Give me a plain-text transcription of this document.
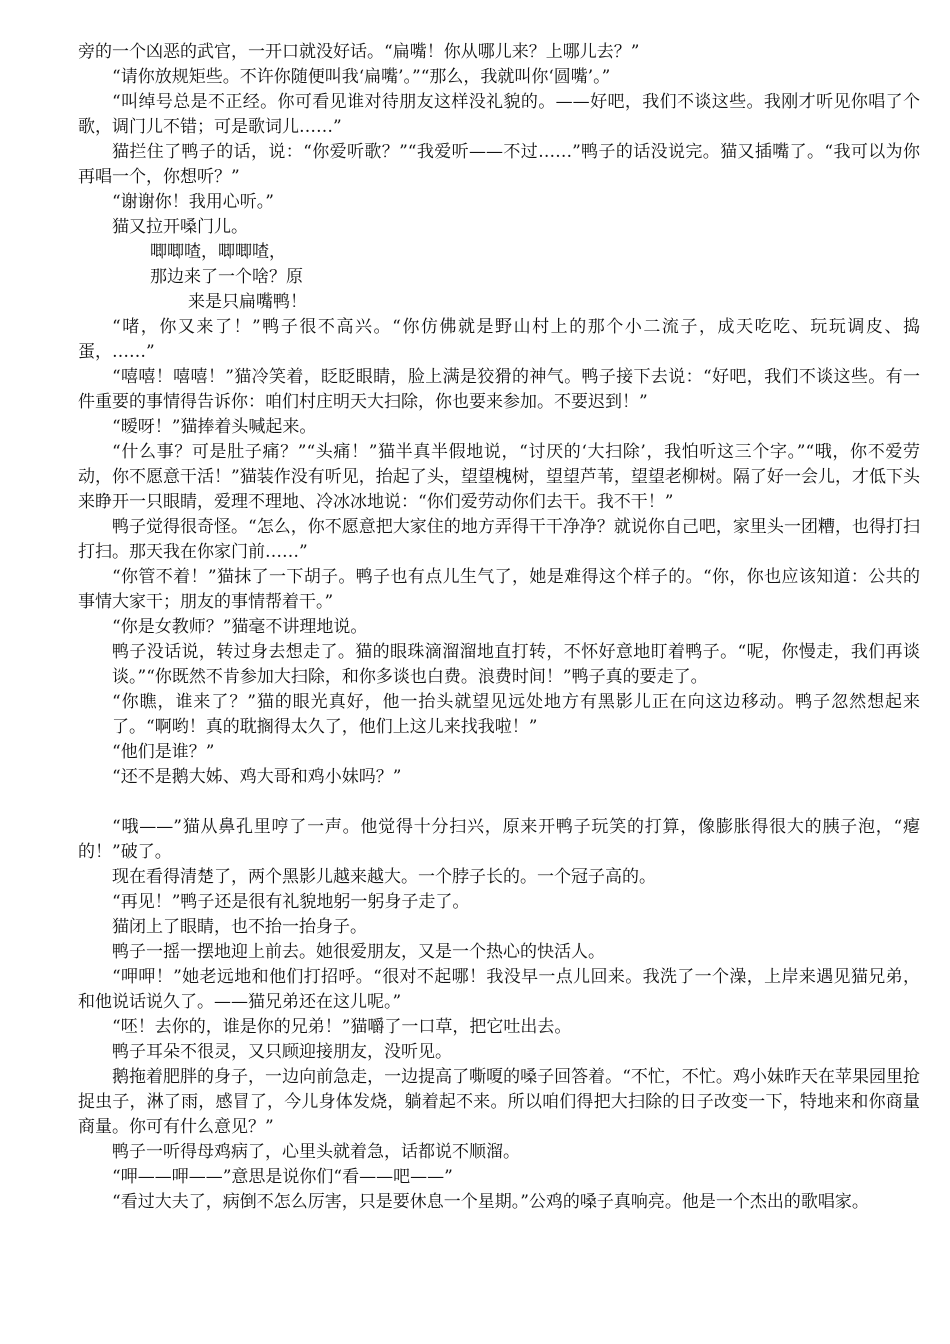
旁的一个凶恶的武官，一开口就没好话。“扁嘴！你从哪儿来？上哪儿去？”

“请你放规矩些。不许你随便叫我‘扁嘴’。”“那么，我就叫你‘圆嘴’。”

“叫绰号总是不正经。你可看见谁对待朋友这样没礼貌的。——好吧，我们不谈这些。我刚才听见你唱了个歌，调门儿不错；可是歌词儿……”

猫拦住了鸭子的话，说：“你爱听歌？”“我爱听——不过……”鸭子的话没说完。猫又插嘴了。“我可以为你再唱一个，你想听？”

“谢谢你！我用心听。”

猫又拉开嗓门儿。

唧唧喳，唧唧喳，

那边来了一个啥？原

来是只扁嘴鸭！

“啫，你又来了！”鸭子很不高兴。“你仿佛就是野山村上的那个小二流子，成天吃吃、玩玩调皮、捣蛋，……”

“嘻嘻！嘻嘻！”猫冷笑着，眨眨眼睛，脸上满是狡猾的神气。鸭子接下去说：“好吧，我们不谈这些。有一件重要的事情得告诉你：咱们村庄明天大扫除，你也要来参加。不要迟到！”

“暧呀！”猫捧着头喊起来。

“什么事？可是肚子痛？”“头痛！”猫半真半假地说，“讨厌的‘大扫除’，我怕听这三个字。”“哦，你不爱劳动，你不愿意干活！”猫装作没有听见，抬起了头，望望槐树，望望芦苇，望望老柳树。隔了好一会儿，才低下头来睁开一只眼睛，爱理不理地、冷冰冰地说：“你们爱劳动你们去干。我不干！”

鸭子觉得很奇怪。“怎么，你不愿意把大家住的地方弄得干干净净？就说你自己吧，家里头一团糟，也得打扫打扫。那天我在你家门前……”

“你管不着！”猫抹了一下胡子。鸭子也有点儿生气了，她是难得这个样子的。“你，你也应该知道：公共的事情大家干；朋友的事情帮着干。”

“你是女教师？”猫毫不讲理地说。

鸭子没话说，转过身去想走了。猫的眼珠滴溜溜地直打转，不怀好意地盯着鸭子。“呢，你慢走，我们再谈谈。”“你既然不肯参加大扫除，和你多谈也白费。浪费时间！”鸭子真的要走了。

“你瞧，谁来了？”猫的眼光真好，他一抬头就望见远处地方有黑影儿正在向这边移动。鸭子忽然想起来了。“啊哟！真的耽搁得太久了，他们上这儿来找我啦！”

“他们是谁？”

“还不是鹅大姊、鸡大哥和鸡小妹吗？”

“哦——”猫从鼻孔里哼了一声。他觉得十分扫兴，原来开鸭子玩笑的打算，像膨胀得很大的胰子泡，“瘪的！”破了。

现在看得清楚了，两个黑影儿越来越大。一个脖子长的。一个冠子高的。

“再见！”鸭子还是很有礼貌地躬一躬身子走了。

猫闭上了眼睛，也不抬一抬身子。

鸭子一摇一摆地迎上前去。她很爱朋友，又是一个热心的快活人。

“呷呷！”她老远地和他们打招呼。“很对不起哪！我没早一点儿回来。我洗了一个澡，上岸来遇见猫兄弟，和他说话说久了。——猫兄弟还在这儿呢。”

“呸！去你的，谁是你的兄弟！”猫嚼了一口草，把它吐出去。

鸭子耳朵不很灵，又只顾迎接朋友，没听见。

鹅拖着肥胖的身子，一边向前急走，一边提高了嘶嗄的嗓子回答着。“不忙，不忙。鸡小妹昨天在苹果园里抢捉虫子，淋了雨，感冒了，今儿身体发烧，躺着起不来。所以咱们得把大扫除的日子改变一下，特地来和你商量商量。你可有什么意见？”

鸭子一听得母鸡病了，心里头就着急，话都说不顺溜。

“呷——呷——”意思是说你们“看——吧——”

“看过大夫了，病倒不怎么厉害，只是要休息一个星期。”公鸡的嗓子真响亮。他是一个杰出的歌唱家。
